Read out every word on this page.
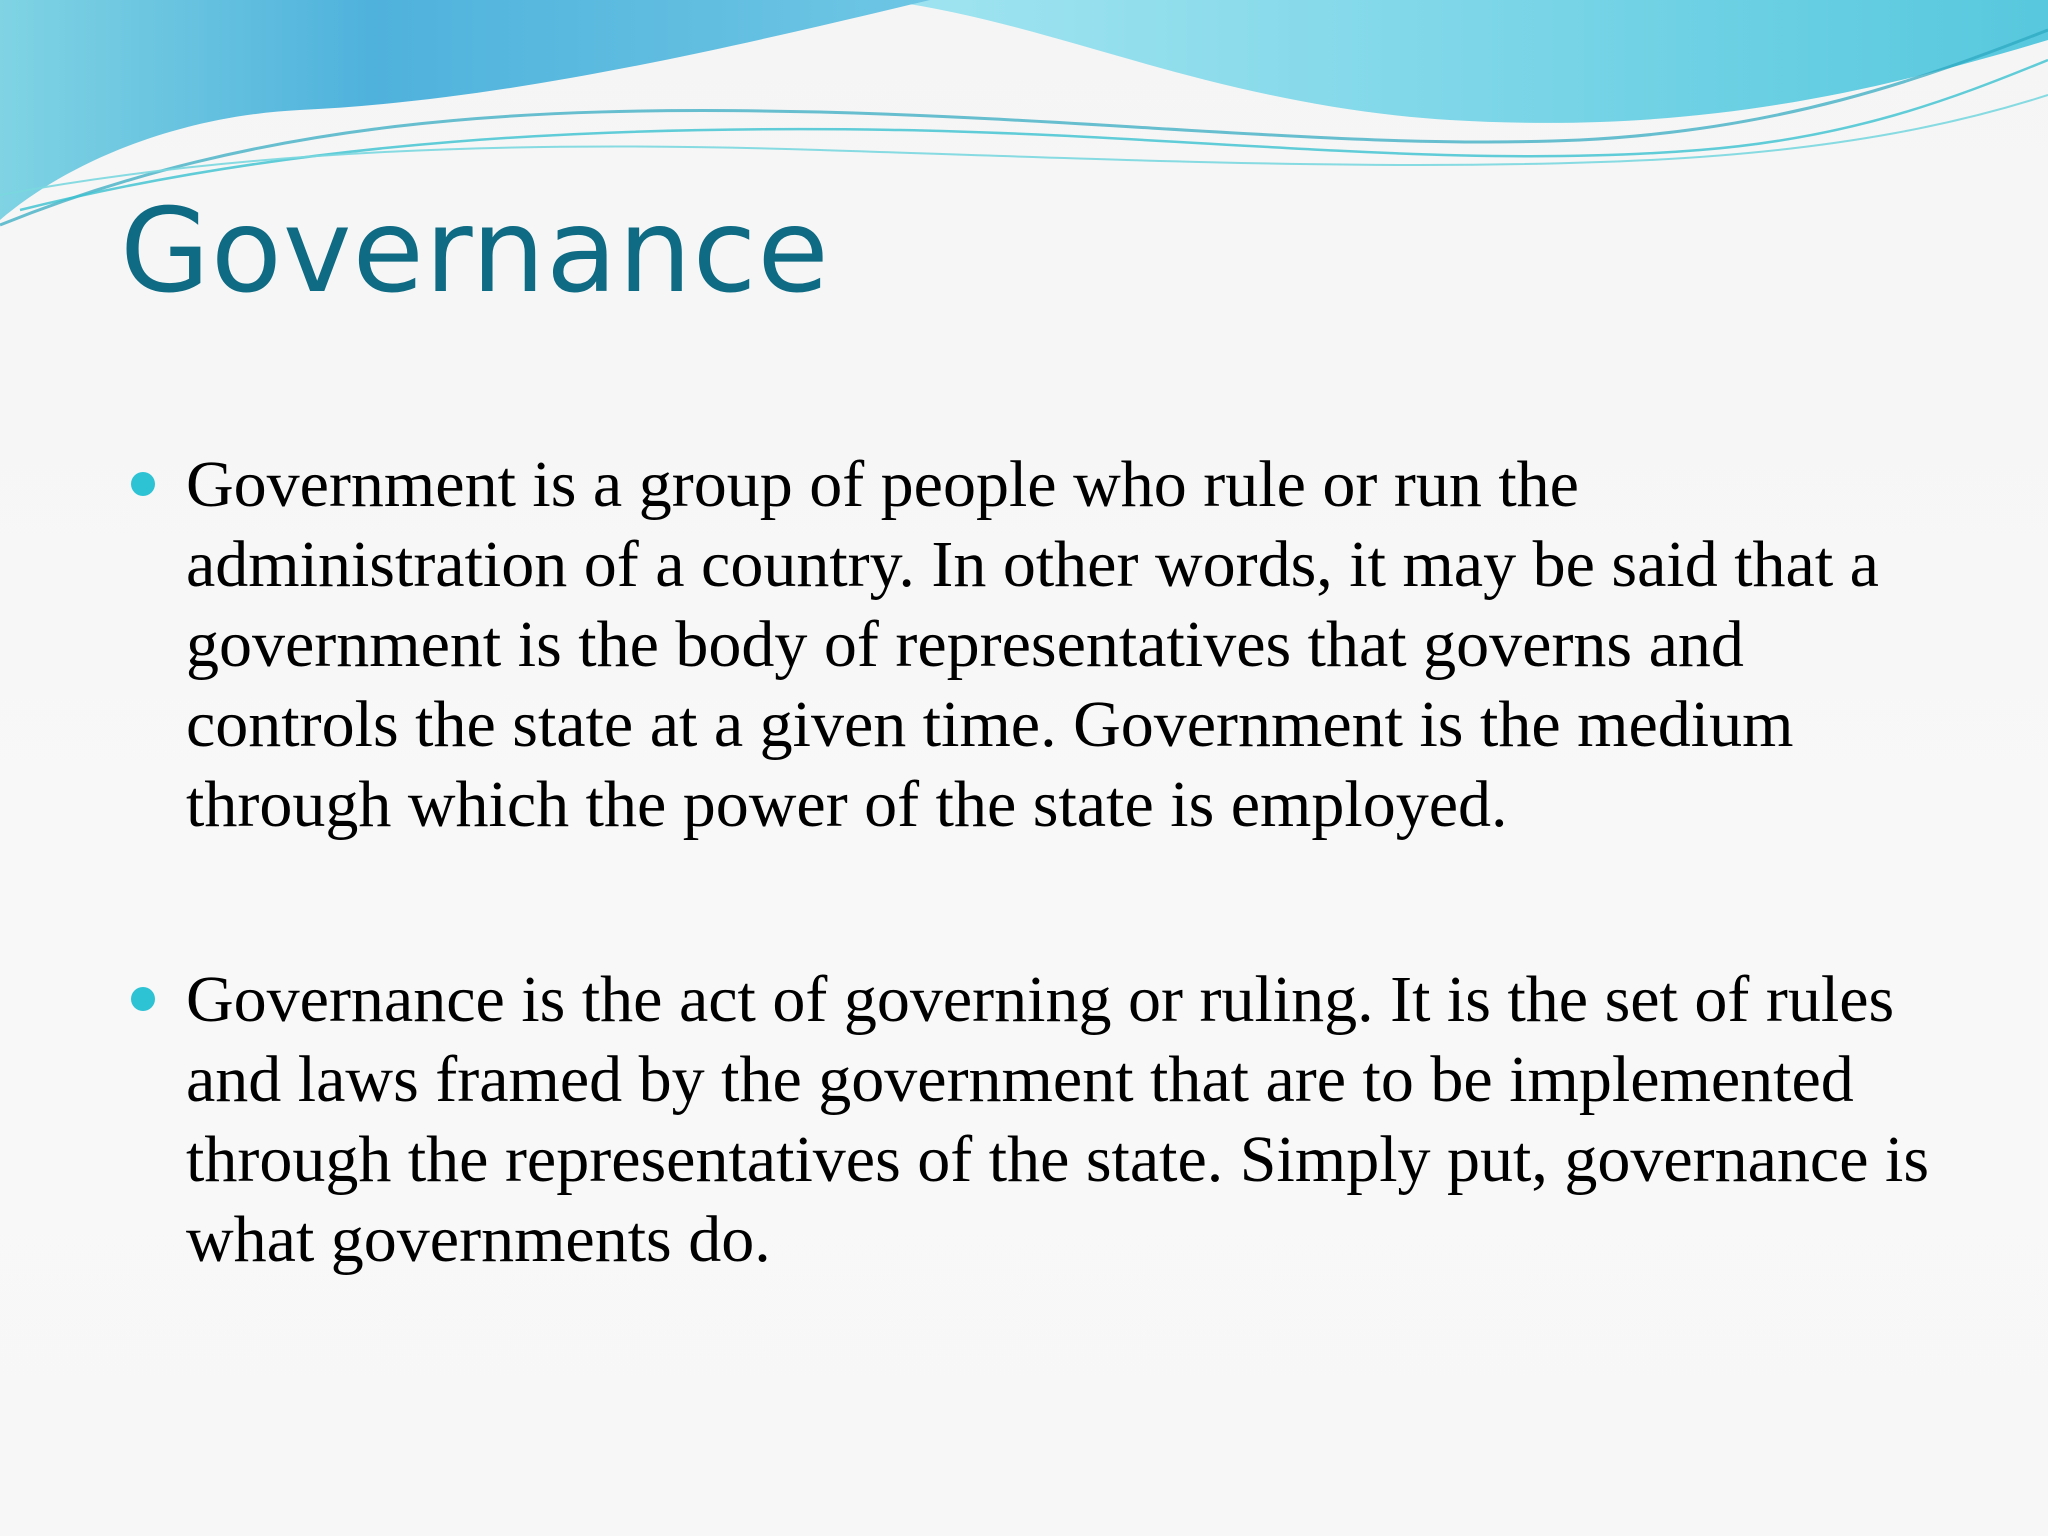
Governance
Government is a group of people who rule or run the administration of a country. In other words, it may be said that a government is the body of representatives that governs and controls the state at a given time. Government is the medium through which the power of the state is employed.
Governance is the act of governing or ruling. It is the set of rules and laws framed by the government that are to be implemented through the representatives of the state. Simply put, governance is what governments do.
